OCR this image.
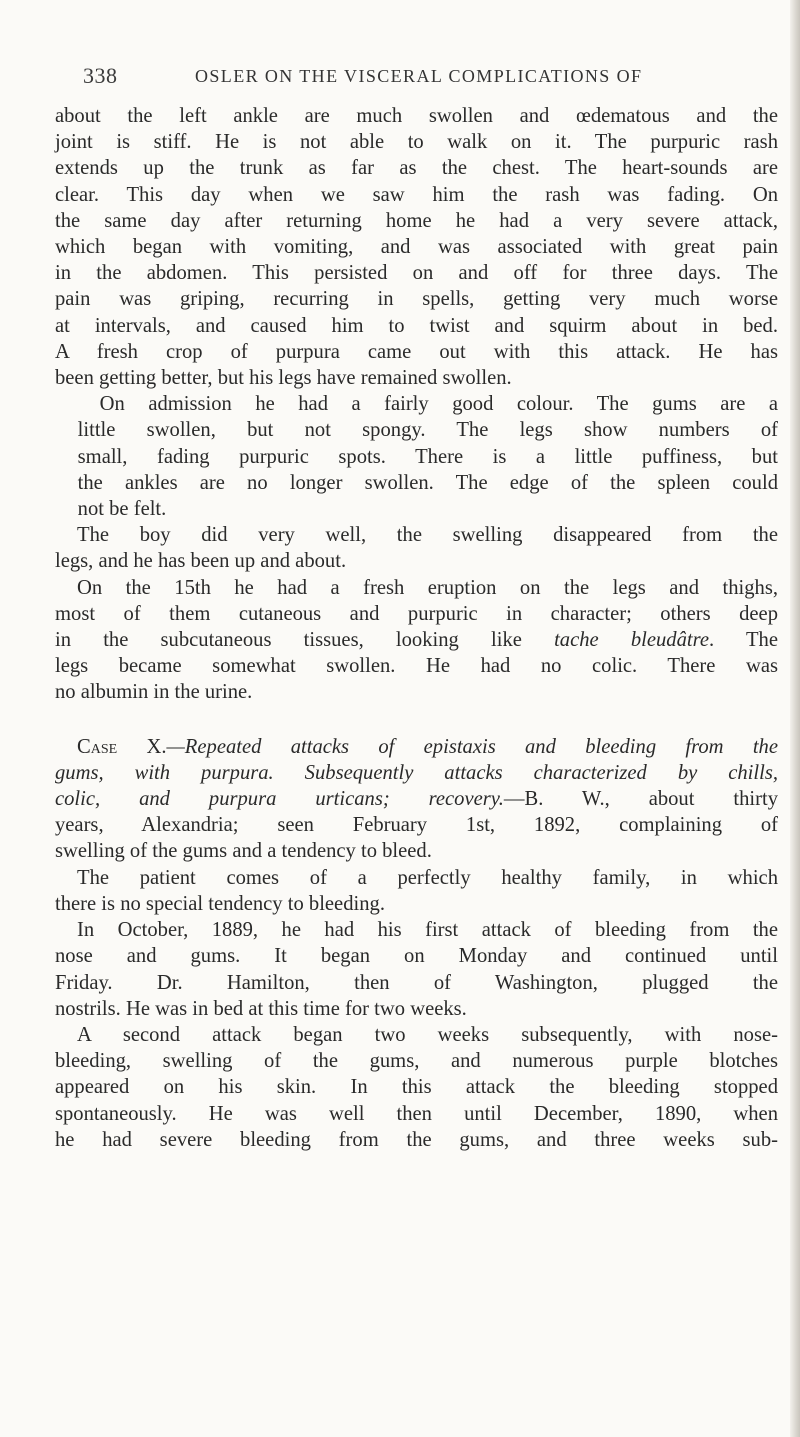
338	OSLER ON THE VISCERAL COMPLICATIONS OF

about the left ankle are much swollen and œdematous and the
joint is stiff. He is not able to walk on it. The purpuric rash
extends up the trunk as far as the chest. The heart-sounds are
clear. This day when we saw him the rash was fading. On
the same day after returning home he had a very severe attack,
which began with vomiting, and was associated with great pain
in the abdomen. This persisted on and off for three days. The
pain was griping, recurring in spells, getting very much worse
at intervals, and caused him to twist and squirm about in bed.
A fresh crop of purpura came out with this attack. He has
been getting better, but his legs have remained swollen.

On admission he had a fairly good colour. The gums are a
little swollen, but not spongy. The legs show numbers of
small, fading purpuric spots. There is a little puffiness, but
the ankles are no longer swollen. The edge of the spleen could
not be felt.

The boy did very well, the swelling disappeared from the
legs, and he has been up and about.

On the 15th he had a fresh eruption on the legs and thighs,
most of them cutaneous and purpuric in character; others deep
in the subcutaneous tissues, looking like tache bleudâtre. The
legs became somewhat swollen. He had no colic. There was
no albumin in the urine.

Case X.—Repeated attacks of epistaxis and bleeding from the
gums, with purpura. Subsequently attacks characterized by chills,
colic, and purpura urticans; recovery.—B. W., about thirty
years, Alexandria; seen February 1st, 1892, complaining of
swelling of the gums and a tendency to bleed.

The patient comes of a perfectly healthy family, in which
there is no special tendency to bleeding.

In October, 1889, he had his first attack of bleeding from the
nose and gums. It began on Monday and continued until
Friday. Dr. Hamilton, then of Washington, plugged the
nostrils. He was in bed at this time for two weeks.

A second attack began two weeks subsequently, with nose-
bleeding, swelling of the gums, and numerous purple blotches
appeared on his skin. In this attack the bleeding stopped
spontaneously. He was well then until December, 1890, when
he had severe bleeding from the gums, and three weeks sub-
